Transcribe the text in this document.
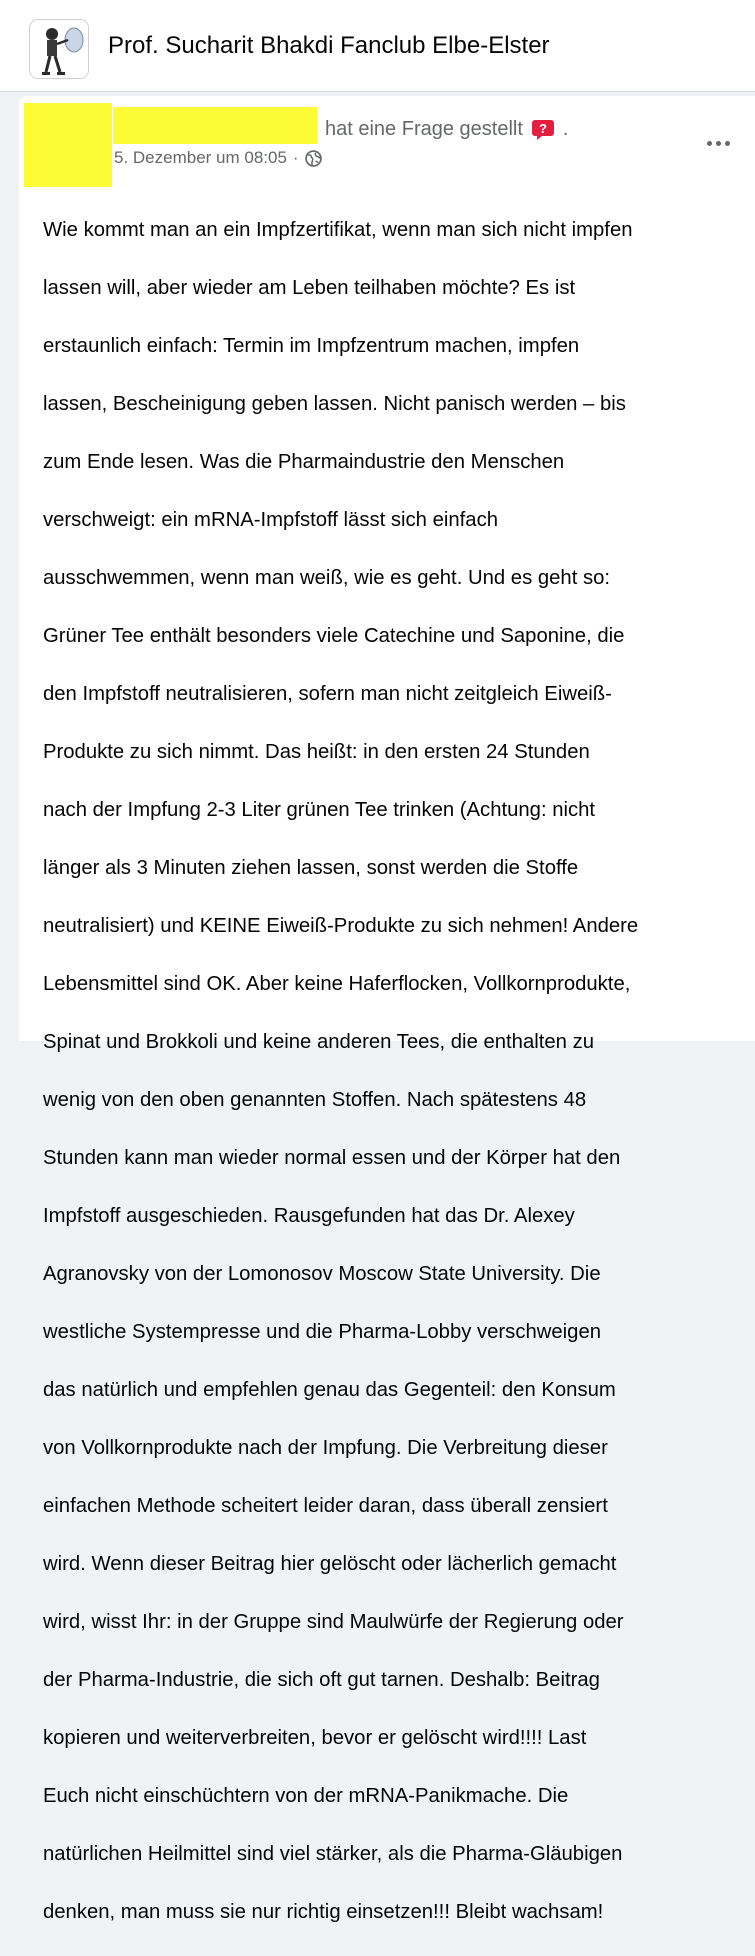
Prof. Sucharit Bhakdi Fanclub Elbe-Elster
hat eine Frage gestellt ? .
5. Dezember um 08:05 ·

Wie kommt man an ein Impfzertifikat, wenn man sich nicht impfen

lassen will, aber wieder am Leben teilhaben möchte? Es ist

erstaunlich einfach: Termin im Impfzentrum machen, impfen

lassen, Bescheinigung geben lassen. Nicht panisch werden – bis

zum Ende lesen. Was die Pharmaindustrie den Menschen

verschweigt: ein mRNA-Impfstoff lässt sich einfach

ausschwemmen, wenn man weiß, wie es geht. Und es geht so:

Grüner Tee enthält besonders viele Catechine und Saponine, die

den Impfstoff neutralisieren, sofern man nicht zeitgleich Eiweiß-

Produkte zu sich nimmt. Das heißt: in den ersten 24 Stunden

nach der Impfung 2-3 Liter grünen Tee trinken (Achtung: nicht

länger als 3 Minuten ziehen lassen, sonst werden die Stoffe

neutralisiert) und KEINE Eiweiß-Produkte zu sich nehmen! Andere

Lebensmittel sind OK. Aber keine Haferflocken, Vollkornprodukte,

Spinat und Brokkoli und keine anderen Tees, die enthalten zu

wenig von den oben genannten Stoffen. Nach spätestens 48

Stunden kann man wieder normal essen und der Körper hat den

Impfstoff ausgeschieden. Rausgefunden hat das Dr. Alexey

Agranovsky von der Lomonosov Moscow State University. Die

westliche Systempresse und die Pharma-Lobby verschweigen

das natürlich und empfehlen genau das Gegenteil: den Konsum

von Vollkornprodukte nach der Impfung. Die Verbreitung dieser

einfachen Methode scheitert leider daran, dass überall zensiert

wird. Wenn dieser Beitrag hier gelöscht oder lächerlich gemacht

wird, wisst Ihr: in der Gruppe sind Maulwürfe der Regierung oder

der Pharma-Industrie, die sich oft gut tarnen. Deshalb: Beitrag

kopieren und weiterverbreiten, bevor er gelöscht wird!!!! Last

Euch nicht einschüchtern von der mRNA-Panikmache. Die

natürlichen Heilmittel sind viel stärker, als die Pharma-Gläubigen

denken, man muss sie nur richtig einsetzen!!! Bleibt wachsam!
